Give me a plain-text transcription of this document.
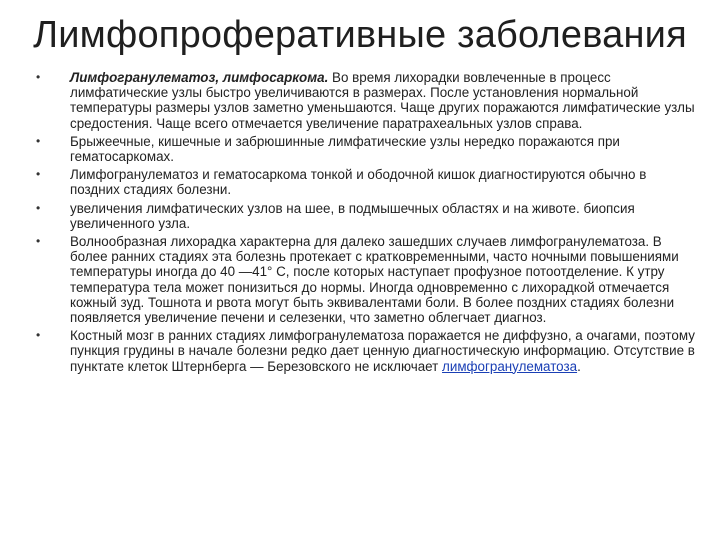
Лимфопроферативные заболевания
• Лимфогранулематоз, лимфосаркома. Во время лихорадки вовлеченные в процесс лимфатические узлы быстро увеличиваются в размерах. После установления нормальной температуры размеры узлов заметно уменьшаются. Чаще других поражаются лимфатические узлы средостения. Чаще всего отмечается увеличение паратрахеальных узлов справа.
• Брыжеечные, кишечные и забрюшинные лимфатические узлы нередко поражаются при гематосаркомах.
• Лимфогранулематоз и гематосаркома тонкой и ободочной кишок диагностируются обычно в поздних стадиях болезни.
• увеличения лимфатических узлов на шее, в подмышечных областях и на животе. биопсия увеличенного узла.
• Волнообразная лихорадка характерна для далеко зашедших случаев лимфогранулематоза. В более ранних стадиях эта болезнь протекает с кратковременными, часто ночными повышениями температуры иногда до 40 —41° С, после которых наступает профузное потоотделение. К утру температура тела может понизиться до нормы. Иногда одновременно с лихорадкой отмечается кожный зуд. Тошнота и рвота могут быть эквивалентами боли. В более поздних стадиях болезни появляется увеличение печени и селезенки, что заметно облегчает диагноз.
• Костный мозг в ранних стадиях лимфогранулематоза поражается не диффузно, а очагами, поэтому пункция грудины в начале болезни редко дает ценную диагностическую информацию. Отсутствие в пунктате клеток Штернберга — Березовского не исключает лимфогранулематоза.
